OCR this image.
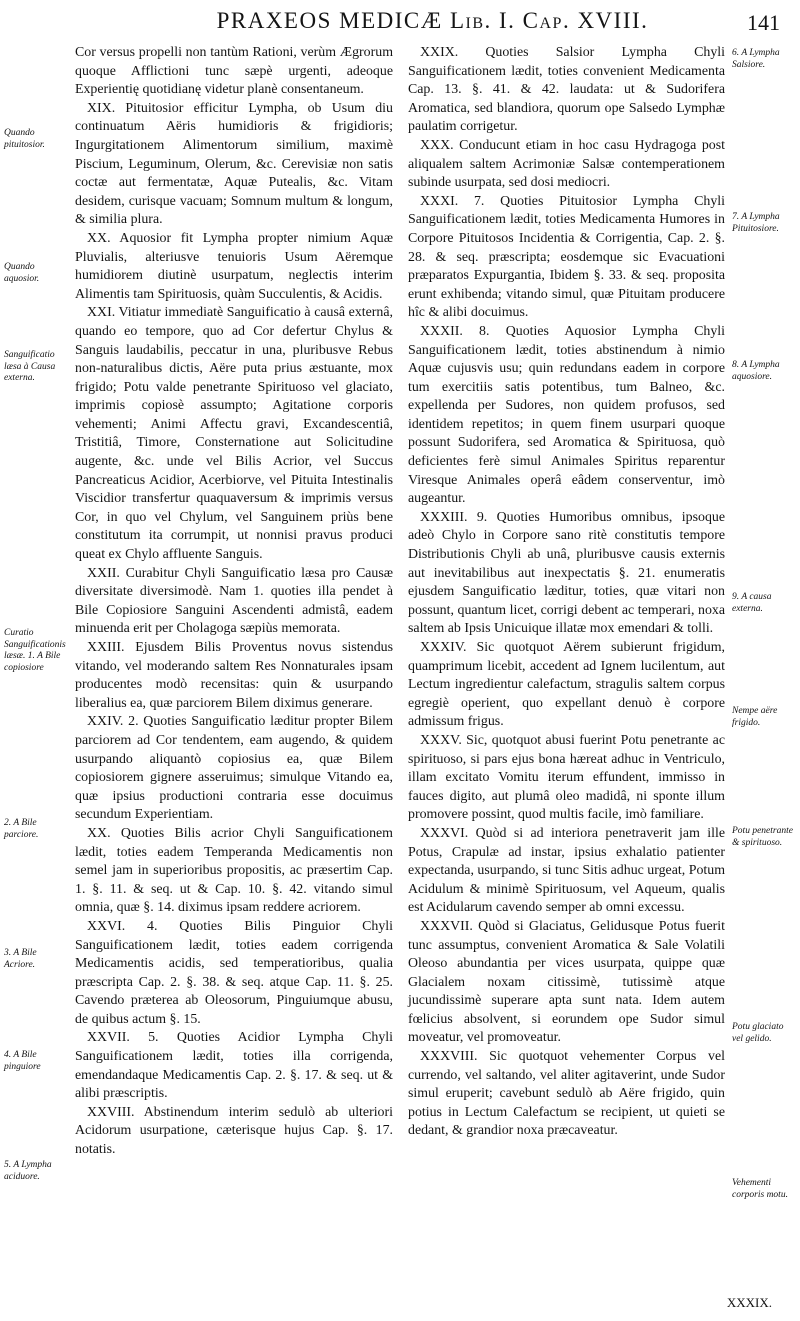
PRAXEOS MEDICÆ Lib. I. Cap. XVIII.	141

Cor versus propelli non tantùm Rationi, verùm Ægrorum quoque Afflictioni tunc sæpè urgenti, adeoque Experientię quotidianę videtur planè consentaneum.

XIX. Pituitosior efficitur Lympha, ob Usum diu continuatum Aëris humidioris & frigidioris; Ingurgitationem Alimentorum similium, maximè Piscium, Leguminum, Olerum, &c. Cerevisiæ non satis coctæ aut fermentatæ, Aquæ Putealis, &c. Vitam desidem, curisque vacuam; Somnum multum & longum, & similia plura.

XX. Aquosior fit Lympha propter nimium Aquæ Pluvialis, alteriusve tenuioris Usum Aëremque humidiorem diutinè usurpatum, neglectis interim Alimentis tam Spirituosis, quàm Succulentis, & Acidis.

XXI. Vitiatur immediatè Sanguificatio à causâ externâ, quando eo tempore, quo ad Cor defertur Chylus & Sanguis laudabilis, peccatur in una, pluribusve Rebus non-naturalibus dictis, Aëre puta prius æstuante, mox frigido; Potu valde penetrante Spirituoso vel glaciato, imprimis copiosè assumpto; Agitatione corporis vehementi; Animi Affectu gravi, Excandescentiâ, Tristitiâ, Timore, Consternatione aut Solicitudine augente, &c. unde vel Bilis Acrior, vel Succus Pancreaticus Acidior, Acerbiorve, vel Pituita Intestinalis Viscidior transfertur quaquaversum & imprimis versus Cor, in quo vel Chylum, vel Sanguinem priùs bene constitutum ita corrumpit, ut nonnisi pravus produci queat ex Chylo affluente Sanguis.

XXII. Curabitur Chyli Sanguificatio læsa pro Causæ diversitate diversimodè. Nam 1. quoties illa pendet à Bile Copiosiore Sanguini Ascendenti admistâ, eadem minuenda erit per Cholagoga sæpiùs memorata.

XXIII. Ejusdem Bilis Proventus novus sistendus vitando, vel moderando saltem Res Nonnaturales ipsam producentes modò recensitas: quin & usurpando liberalius ea, quæ parciorem Bilem diximus generare.

XXIV. 2. Quoties Sanguificatio læditur propter Bilem parciorem ad Cor tendentem, eam augendo, & quidem usurpando aliquantò copiosius ea, quæ Bilem copiosiorem gignere asseruimus; simulque Vitando ea, quæ ipsius productioni contraria esse docuimus secundum Experientiam.

XX. Quoties Bilis acrior Chyli Sanguificationem lædit, toties eadem Temperanda Medicamentis non semel jam in superioribus propositis, ac præsertim Cap. 1. §. 11. & seq. ut & Cap. 10. §. 42. vitando simul omnia, quæ §. 14. diximus ipsam reddere acriorem.

XXVI. 4. Quoties Bilis Pinguior Chyli Sanguificationem lædit, toties eadem corrigenda Medicamentis acidis, sed temperatioribus, qualia præscripta Cap. 2. §. 38. & seq. atque Cap. 11. §. 25. Cavendo præterea ab Oleosorum, Pinguiumque abusu, de quibus actum §. 15.

XXVII. 5. Quoties Acidior Lympha Chyli Sanguificationem lædit, toties illa corrigenda, emendandaque Medicamentis Cap. 2. §. 17. & seq. ut & alibi præscriptis.

XXVIII. Abstinendum interim sedulò ab ulteriori Acidorum usurpatione, cæterisque hujus Cap. §. 17. notatis.

XXIX. Quoties Salsior Lympha Chyli Sanguificationem lædit, toties convenient Medicamenta Cap. 13. §. 41. & 42. laudata: ut & Sudorifera Aromatica, sed blandiora, quorum ope Salsedo Lymphæ paulatim corrigetur.

XXX. Conducunt etiam in hoc casu Hydragoga post aliqualem saltem Acrimoniæ Salsæ contemperationem subinde usurpata, sed dosi mediocri.

XXXI. 7. Quoties Pituitosior Lympha Chyli Sanguificationem lædit, toties Medicamenta Humores in Corpore Pituitosos Incidentia & Corrigentia, Cap. 2. §. 28. & seq. præscripta; eosdemque sic Evacuationi præparatos Expurgantia, Ibidem §. 33. & seq. proposita erunt exhibenda; vitando simul, quæ Pituitam producere hîc & alibi docuimus.

XXXII. 8. Quoties Aquosior Lympha Chyli Sanguificationem lædit, toties abstinendum à nimio Aquæ cujusvis usu; quin redundans eadem in corpore tum exercitiis satis potentibus, tum Balneo, &c. expellenda per Sudores, non quidem profusos, sed identidem repetitos; in quem finem usurpari quoque possunt Sudorifera, sed Aromatica & Spirituosa, quò deficientes ferè simul Animales Spiritus reparentur Viresque Animales operâ eâdem conserventur, imò augeantur.

XXXIII. 9. Quoties Humoribus omnibus, ipsoque adeò Chylo in Corpore sano ritè constitutis tempore Distributionis Chyli ab unâ, pluribusve causis externis aut inevitabilibus aut inexpectatis §. 21. enumeratis ejusdem Sanguificatio læditur, toties, quæ vitari non possunt, quantum licet, corrigi debent ac temperari, noxa saltem ab Ipsis Unicuique illatæ mox emendari & tolli.

XXXIV. Sic quotquot Aërem subierunt frigidum, quamprimum licebit, accedent ad Ignem lucilentum, aut Lectum ingredientur calefactum, stragulis saltem corpus egregiè operient, quo expellant denuò è corpore admissum frigus.

XXXV. Sic, quotquot abusi fuerint Potu penetrante ac spirituoso, si pars ejus bona hæreat adhuc in Ventriculo, illam excitato Vomitu iterum effundent, immisso in fauces digito, aut plumâ oleo madidâ, ni sponte illum promovere possint, quod multis facile, imò familiare.

XXXVI. Quòd si ad interiora penetraverit jam ille Potus, Crapulæ ad instar, ipsius exhalatio patienter expectanda, usurpando, si tunc Sitis adhuc urgeat, Potum Acidulum & minimè Spirituosum, vel Aqueum, qualis est Acidularum cavendo semper ab omni excessu.

XXXVII. Quòd si Glaciatus, Gelidusque Potus fuerit tunc assumptus, convenient Aromatica & Sale Volatili Oleoso abundantia per vices usurpata, quippe quæ Glacialem noxam citissimè, tutissimè atque jucundissimè superare apta sunt nata. Idem autem fœlicius absolvent, si eorundem ope Sudor simul moveatur, vel promoveatur.

XXXVIII. Sic quotquot vehementer Corpus vel currendo, vel saltando, vel aliter agitaverint, unde Sudor simul eruperit; cavebunt sedulò ab Aëre frigido, quin potius in Lectum Calefactum se recipient, ut quieti se dedant, & grandior noxa præcaveatur.

Quando pituitosior.
Quando aquosior.
Sanguificatio læsa à Causa externa.
Curatio Sanguificationis læsæ. 1. A Bile copiosiore
2. A Bile parciore.
3. A Bile Acriore.
4. A Bile pinguiore
5. A Lympha aciduore.
6. A Lympha Salsiore.
7. A Lympha Pituitosiore.
8. A Lympha aquosiore.
9. A causa externa.
Nempe aëre frigido.
Potu penetrante & spirituoso.
Potu glaciato vel gelido.
Vehementi corporis motu.
XXXIX.
